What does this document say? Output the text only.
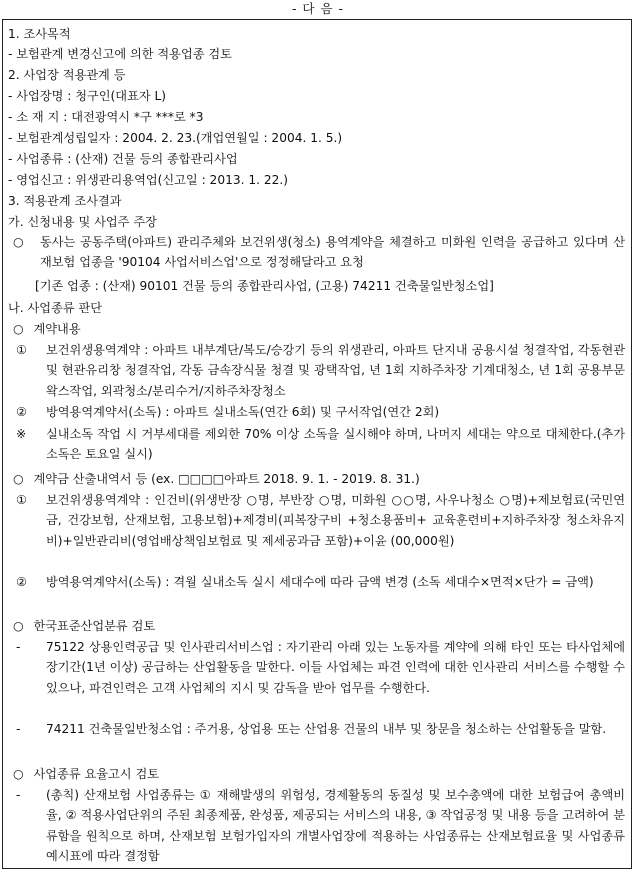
- 다 음 -
1. 조사목적
- 보험관계 변경신고에 의한 적용업종 검토
2. 사업장 적용관계 등
- 사업장명 : 청구인(대표자 L)
- 소 재 지 : 대전광역시 *구 ***로 *3
- 보험관계성립일자 : 2004. 2. 23.(개업연월일 : 2004. 1. 5.)
- 사업종류 : (산재) 건물 등의 종합관리사업
- 영업신고 : 위생관리용역업(신고일 : 2013. 1. 22.)
3. 적용관계 조사결과
가. 신청내용 및 사업주 주장
○ 동사는 공동주택(아파트) 관리주체와 보건위생(청소) 용역계약을 체결하고 미화원 인력을 공급하고 있다며 산재보험 업종을 '90104 사업서비스업'으로 정정해달라고 요청
[기존 업종 : (산재) 90101 건물 등의 종합관리사업, (고용) 74211 건축물일반청소업]
나. 사업종류 판단
○ 계약내용
① 보건위생용역계약 : 아파트 내부계단/복도/승강기 등의 위생관리, 아파트 단지내 공용시설 청결작업, 각동현관 및 현관유리창 청결작업, 각동 금속장식물 청결 및 광택작업, 년 1회 지하주차장 기계대청소, 년 1회 공용부문 왁스작업, 외곽청소/분리수거/지하주차장청소
② 방역용역계약서(소독) : 아파트 실내소독(연간 6회) 및 구서작업(연간 2회)
※ 실내소독 작업 시 거부세대를 제외한 70% 이상 소독을 실시해야 하며, 나머지 세대는 약으로 대체한다.(추가소독은 토요일 실시)
○ 계약금 산출내역서 등 (ex. □□□□아파트 2018. 9. 1. - 2019. 8. 31.)
① 보건위생용역계약 : 인건비(위생반장 ○명, 부반장 ○명, 미화원 ○○명, 사우나청소 ○명)+제보험료(국민연금, 건강보험, 산재보험, 고용보험)+제경비(피복장구비 +청소용품비+ 교육훈련비+지하주차장 청소차유지비)+일반관리비(영업배상책임보험료 및 제세공과금 포함)+이윤 (00,000원)
② 방역용역계약서(소독) : 격월 실내소독 실시 세대수에 따라 금액 변경 (소독 세대수×면적×단가 = 금액)
○ 한국표준산업분류 검토
- 75122 상용인력공급 및 인사관리서비스업 : 자기관리 아래 있는 노동자를 계약에 의해 타인 또는 타사업체에 장기간(1년 이상) 공급하는 산업활동을 말한다. 이들 사업체는 파견 인력에 대한 인사관리 서비스를 수행할 수 있으나, 파견인력은 고객 사업체의 지시 및 감독을 받아 업무를 수행한다.
- 74211 건축물일반청소업 : 주거용, 상업용 또는 산업용 건물의 내부 및 창문을 청소하는 산업활동을 말함.
○ 사업종류 요율고시 검토
- (총칙) 산재보험 사업종류는 ① 재해발생의 위험성, 경제활동의 동질성 및 보수총액에 대한 보험급여 총액비율, ② 적용사업단위의 주된 최종제품, 완성품, 제공되는 서비스의 내용, ③ 작업공정 및 내용 등을 고려하여 분류함을 원칙으로 하며, 산재보험 보험가입자의 개별사업장에 적용하는 사업종류는 산재보험료율 및 사업종류예시표에 따라 결정함
